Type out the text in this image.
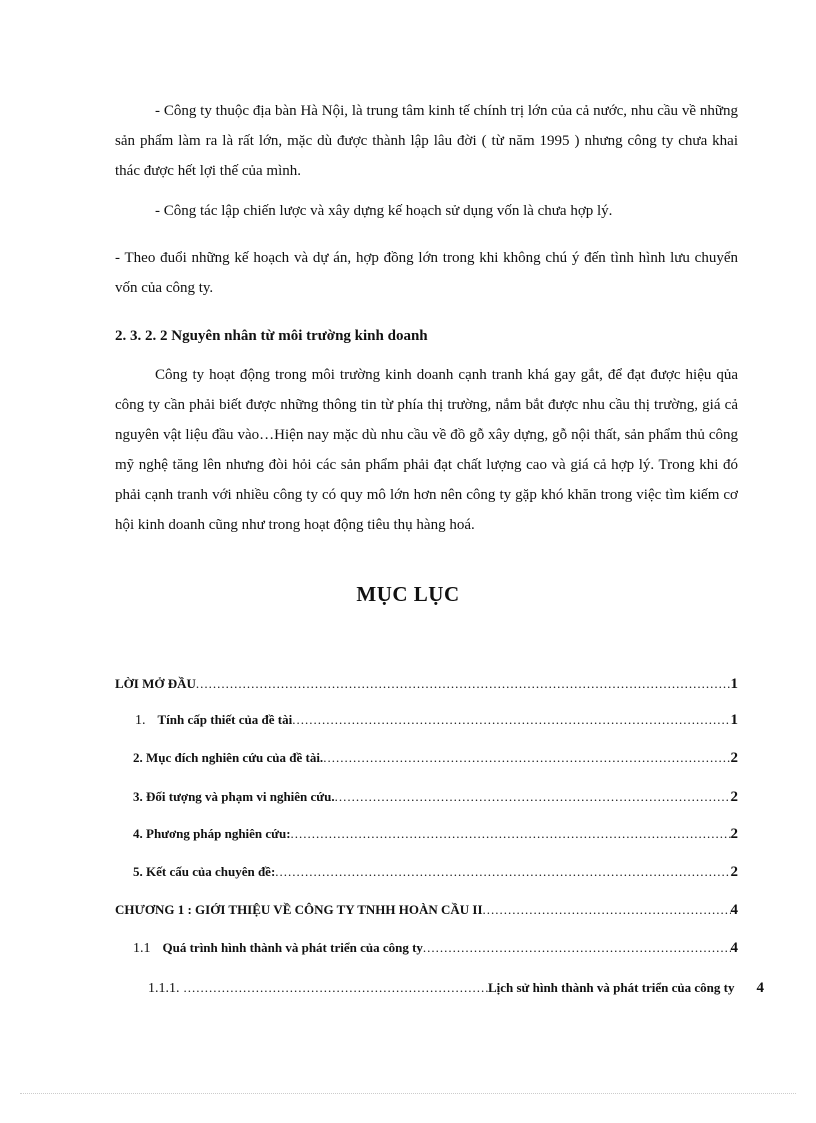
- Công ty thuộc địa bàn Hà Nội, là trung tâm kinh tế chính trị lớn của cả nước, nhu cầu về những sản phẩm làm ra là rất lớn, mặc dù được thành lập lâu đời ( từ năm 1995 ) nhưng công ty chưa khai thác được hết lợi thế của mình.
- Công tác lập chiến lược và xây dựng kế hoạch sử dụng vốn là chưa hợp lý.
- Theo đuổi những kế hoạch và dự án, hợp đồng lớn trong khi không chú ý đến tình hình lưu chuyển vốn của công ty.
2. 3. 2. 2 Nguyên nhân từ môi trường kinh doanh
Công ty hoạt động trong môi trường kinh doanh cạnh tranh khá gay gắt, để đạt được hiệu qủa công ty cần phải biết được những thông tin từ phía thị trường, nắm bắt được nhu cầu thị trường, giá cả nguyên vật liệu đầu vào…Hiện nay mặc dù nhu cầu về đồ gỗ xây dựng, gỗ nội thất, sản phẩm thủ công mỹ nghệ tăng lên nhưng đòi hỏi các sản phẩm phải đạt chất lượng cao và giá cả hợp lý. Trong khi đó phải cạnh tranh với nhiều công ty có quy mô lớn hơn nên công ty gặp khó khăn trong việc tìm kiếm cơ hội kinh doanh cũng như trong hoạt động tiêu thụ hàng hoá.
MỤC LỤC
LỜI MỞ ĐẦU .....	1
1. Tính cấp thiết của đề tài .....	1
2. Mục đích nghiên cứu của đề tài. .....	2
3. Đối tượng và phạm vi nghiên cứu. .....	2
4. Phương pháp nghiên cứu: .....	2
5. Kết cấu của chuyên đề: .....	2
CHƯƠNG 1 : GIỚI THIỆU VỀ CÔNG TY TNHH HOÀN CẦU II .....	4
1.1 Quá trình hình thành và phát triển của công ty .....	4
1.1.1. .....	Lịch sử hình thành và phát triển của công ty 4
